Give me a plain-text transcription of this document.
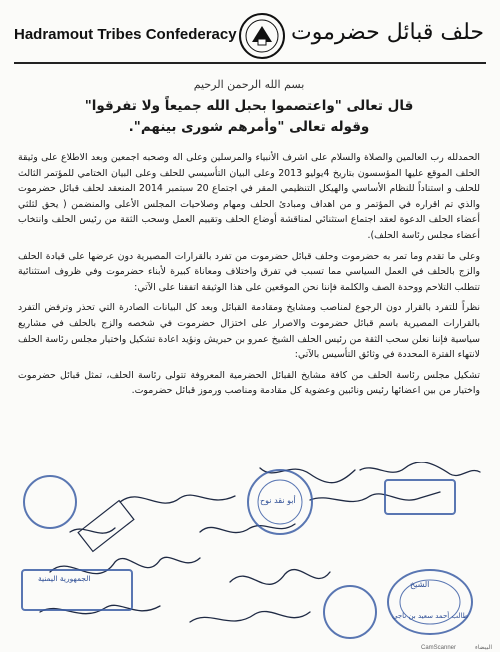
Hadramout Tribes Confederacy حلف قبائل حضرموت
بسم الله الرحمن الرحيم
قال تعالى "واعتصموا بحبل الله جميعاً ولا تفرقوا"
وقوله تعالى "وأمرهم شورى بينهم".

الحمدلله رب العالمين والصلاة والسلام على اشرف الأنبياء والمرسلين وعلى اله وصحبه اجمعين وبعد الاطلاع على وثيقة الحلف الموقع عليها المؤسسون بتاريخ 4يوليو 2013 وعلى البيان التأسيسي للحلف وعلى البيان الختامي للمؤتمر الثالث للحلف و استناداً للنظام الأساسي والهيكل التنظيمي المقر في اجتماع 20 سبتمبر 2014 المنعقد لحلف قبائل حضرموت والذي تم اقراره في المؤتمر و من اهداف ومبادئ الحلف ومهام وصلاحيات المجلس الأعلى والمنضمن ( يحق لثلثي أعضاء الحلف الدعوة لعقد اجتماع استثنائي لمناقشة أوضاع الحلف وتقييم العمل وسحب الثقة من رئيس الحلف وانتخاب أعضاء مجلس رئاسة الحلف).

وعلى ما تقدم وما تمر به حضرموت وحلف قبائل حضرموت من تفرد بالقرارات المصيرية دون عرضها على قيادة الحلف والزج بالحلف في العمل السياسي مما تسبب في تفرق واختلاف ومعاناة كبيرة لأبناء حضرموت وفي ظروف استثنائية تتطلب التلاحم ووحدة الصف والكلمة فإننا نحن الموقعين على هذا الوثيقة اتفقنا على الآتي:

نظراً للتفرد بالقرار دون الرجوع لمناصب ومشايخ ومقادمة القبائل وبعد كل البيانات الصادرة التي تحذر وترفض التفرد بالقرارات المصيرية باسم قبائل حضرموت والاصرار على اختزال حضرموت في شخصه والزج بالحلف في مشاريع سياسية فإننا نعلن سحب الثقة من رئيس الحلف الشيخ عمرو بن حبريش ونؤيد اعادة تشكيل واختيار مجلس رئاسة الحلف لانتهاء الفترة المحددة في وثائق التأسيس بالآتي:

تشكيل مجلس رئاسة الحلف من كافة مشايخ القبائل الحضرمية المعروفة تتولى رئاسة الحلف، تمثل قبائل حضرموت واختيار من بين اعضائها رئيس ونائبين وعضوية كل مقادمة ومناصب ورموز قبائل حضرموت.

الشيخ
طالب أحمد سعيد بن ناجي
أبو نقد نوح
الجمهورية اليمنية
CamScanner	البيضاء
